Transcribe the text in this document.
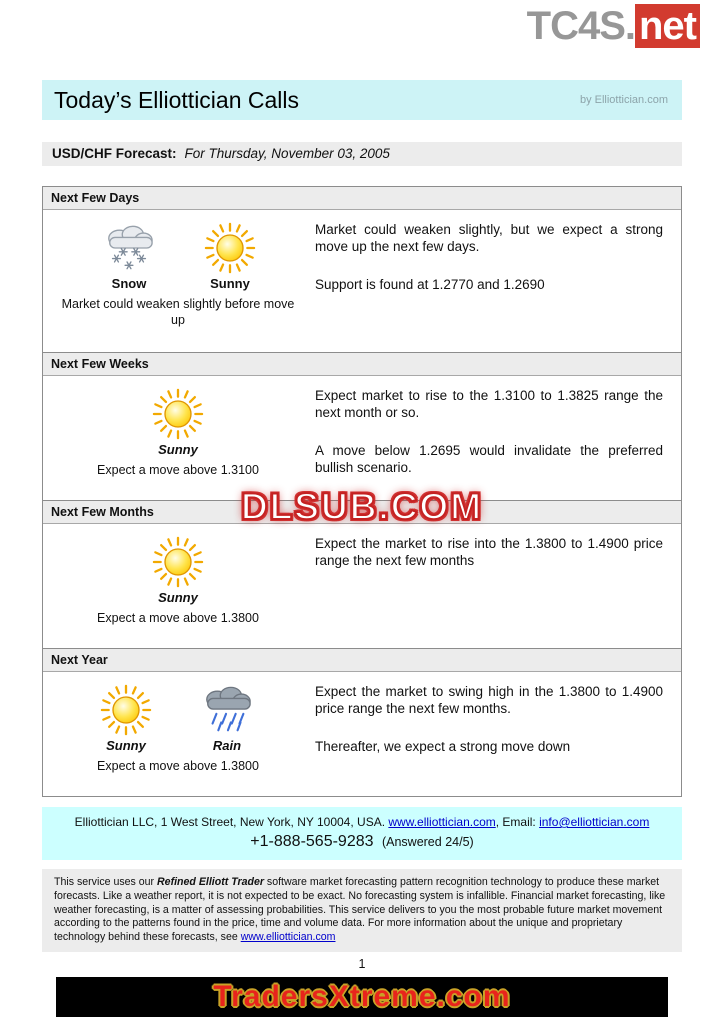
TC4S. net
Today’s Elliottician Calls	by Elliottician.com
USD/CHF Forecast: For Thursday, November 03, 2005
Next Few Days
Snow	Sunny
Market could weaken slightly before move up

Market could weaken slightly, but we expect a strong move up the next few days.

Support is found at 1.2770 and 1.2690

Next Few Weeks
Sunny
Expect a move above 1.3100

Expect market to rise to the 1.3100 to 1.3825 range the next month or so.

A move below 1.2695 would invalidate the preferred bullish scenario.

Next Few Months
Sunny
Expect a move above 1.3800

Expect the market to rise into the 1.3800 to 1.4900 price range the next few months

Next Year
Sunny	Rain
Expect a move above 1.3800

Expect the market to swing high in the 1.3800 to 1.4900 price range the next few months.

Thereafter, we expect a strong move down

Elliottician LLC, 1 West Street, New York, NY 10004, USA. www.elliottician.com, Email: info@elliottician.com
+1-888-565-9283 (Answered 24/5)
This service uses our Refined Elliott Trader software market forecasting pattern recognition technology to produce these market forecasts. Like a weather report, it is not expected to be exact. No forecasting system is infallible. Financial market forecasting, like weather forecasting, is a matter of assessing probabilities. This service delivers to you the most probable future market movement according to the patterns found in the price, time and volume data. For more information about the unique and proprietary technology behind these forecasts, see www.elliottician.com
1
DLSUB.COM
TradersXtreme.com
